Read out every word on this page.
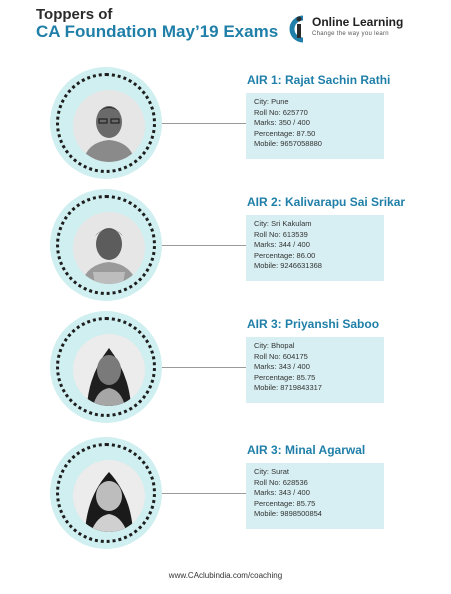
Toppers of
CA Foundation May’19 Exams	Online Learning
Change the way you learn
AIR 1: Rajat Sachin Rathi
City: Pune
Roll No: 625770
Marks: 350 / 400
Percentage: 87.50
Mobile: 9657058880
AIR 2: Kalivarapu Sai Srikar
City: Sri Kakulam
Roll No: 613539
Marks: 344 / 400
Percentage: 86.00
Mobile: 9246631368
AIR 3: Priyanshi Saboo
City: Bhopal
Roll No: 604175
Marks: 343 / 400
Percentage: 85.75
Mobile: 8719843317
AIR 3: Minal Agarwal
City: Surat
Roll No: 628536
Marks: 343 / 400
Percentage: 85.75
Mobile: 9898500854
www.CAclubindia.com/coaching
